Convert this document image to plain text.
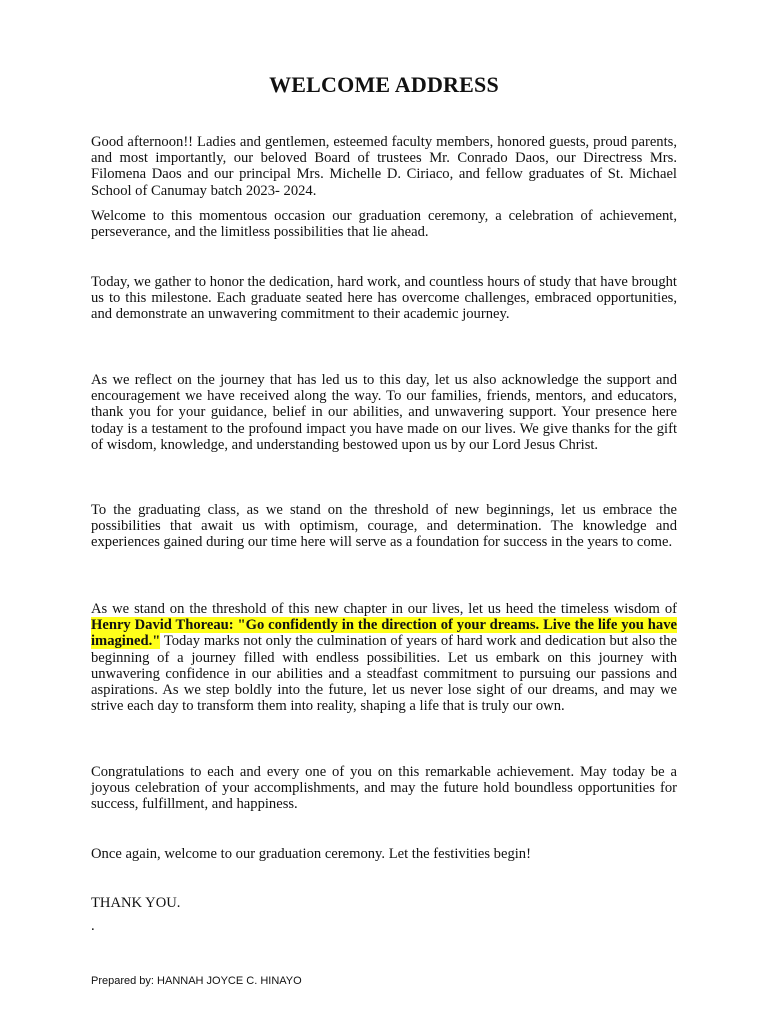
WELCOME ADDRESS

Good afternoon!! Ladies and gentlemen, esteemed faculty members, honored guests, proud parents, and most importantly, our beloved Board of trustees Mr. Conrado Daos, our Directress Mrs. Filomena Daos and our principal Mrs. Michelle D. Ciriaco, and fellow graduates of St. Michael School of Canumay batch 2023- 2024.

Welcome to this momentous occasion our graduation ceremony, a celebration of achievement, perseverance, and the limitless possibilities that lie ahead.

Today, we gather to honor the dedication, hard work, and countless hours of study that have brought us to this milestone. Each graduate seated here has overcome challenges, embraced opportunities, and demonstrate an unwavering commitment to their academic journey.

As we reflect on the journey that has led us to this day, let us also acknowledge the support and encouragement we have received along the way. To our families, friends, mentors, and educators, thank you for your guidance, belief in our abilities, and unwavering support. Your presence here today is a testament to the profound impact you have made on our lives. We give thanks for the gift of wisdom, knowledge, and understanding bestowed upon us by our Lord Jesus Christ.

To the graduating class, as we stand on the threshold of new beginnings, let us embrace the possibilities that await us with optimism, courage, and determination. The knowledge and experiences gained during our time here will serve as a foundation for success in the years to come.

As we stand on the threshold of this new chapter in our lives, let us heed the timeless wisdom of Henry David Thoreau: "Go confidently in the direction of your dreams. Live the life you have imagined." Today marks not only the culmination of years of hard work and dedication but also the beginning of a journey filled with endless possibilities. Let us embark on this journey with unwavering confidence in our abilities and a steadfast commitment to pursuing our passions and aspirations. As we step boldly into the future, let us never lose sight of our dreams, and may we strive each day to transform them into reality, shaping a life that is truly our own.

Congratulations to each and every one of you on this remarkable achievement. May today be a joyous celebration of your accomplishments, and may the future hold boundless opportunities for success, fulfillment, and happiness.

Once again, welcome to our graduation ceremony. Let the festivities begin!

THANK YOU.

.

Prepared by: HANNAH JOYCE C. HINAYO
